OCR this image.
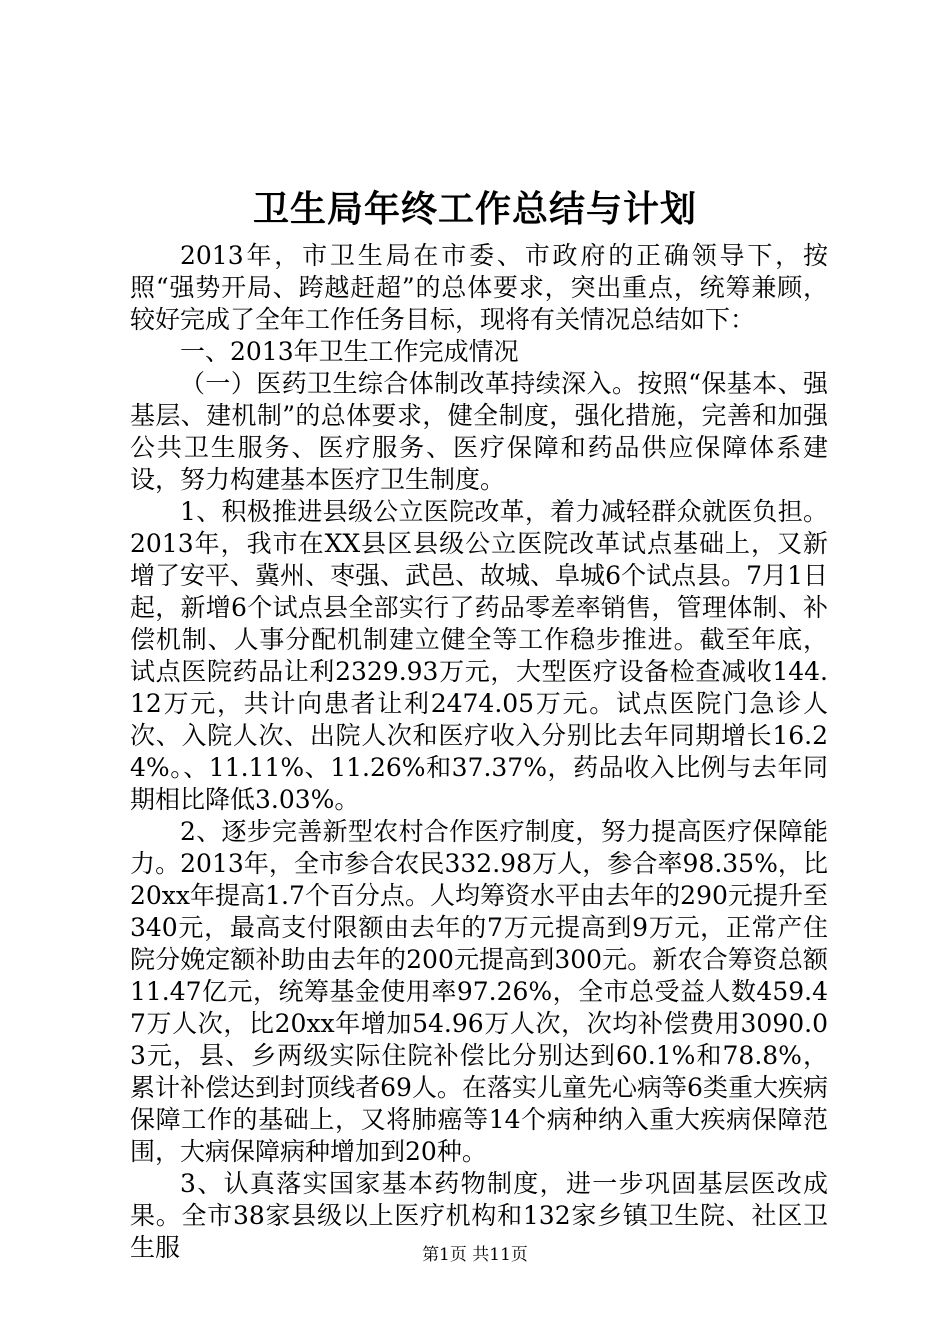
卫生局年终工作总结与计划

2013年，市卫生局在市委、市政府的正确领导下，按照“强势开局、跨越赶超”的总体要求，突出重点，统筹兼顾，较好完成了全年工作任务目标，现将有关情况总结如下：

一、2013年卫生工作完成情况

（一）医药卫生综合体制改革持续深入。按照“保基本、强基层、建机制”的总体要求，健全制度，强化措施，完善和加强公共卫生服务、医疗服务、医疗保障和药品供应保障体系建设，努力构建基本医疗卫生制度。

1、积极推进县级公立医院改革，着力减轻群众就医负担。2013年，我市在XX县区县级公立医院改革试点基础上，又新增了安平、冀州、枣强、武邑、故城、阜城6个试点县。7月1日起，新增6个试点县全部实行了药品零差率销售，管理体制、补偿机制、人事分配机制建立健全等工作稳步推进。截至年底，试点医院药品让利2329.93万元，大型医疗设备检查减收144.12万元，共计向患者让利2474.05万元。试点医院门急诊人次、入院人次、出院人次和医疗收入分别比去年同期增长16.24%。、11.11%、11.26%和37.37%，药品收入比例与去年同期相比降低3.03%。

2、逐步完善新型农村合作医疗制度，努力提高医疗保障能力。2013年，全市参合农民332.98万人，参合率98.35%，比20xx年提高1.7个百分点。人均筹资水平由去年的290元提升至340元，最高支付限额由去年的7万元提高到9万元，正常产住院分娩定额补助由去年的200元提高到300元。新农合筹资总额11.47亿元，统筹基金使用率97.26%，全市总受益人数459.47万人次，比20xx年增加54.96万人次，次均补偿费用3090.03元，县、乡两级实际住院补偿比分别达到60.1%和78.8%，累计补偿达到封顶线者69人。在落实儿童先心病等6类重大疾病保障工作的基础上，又将肺癌等14个病种纳入重大疾病保障范围，大病保障病种增加到20种。

3、认真落实国家基本药物制度，进一步巩固基层医改成果。全市38家县级以上医疗机构和132家乡镇卫生院、社区卫生服	第1页 共11页
